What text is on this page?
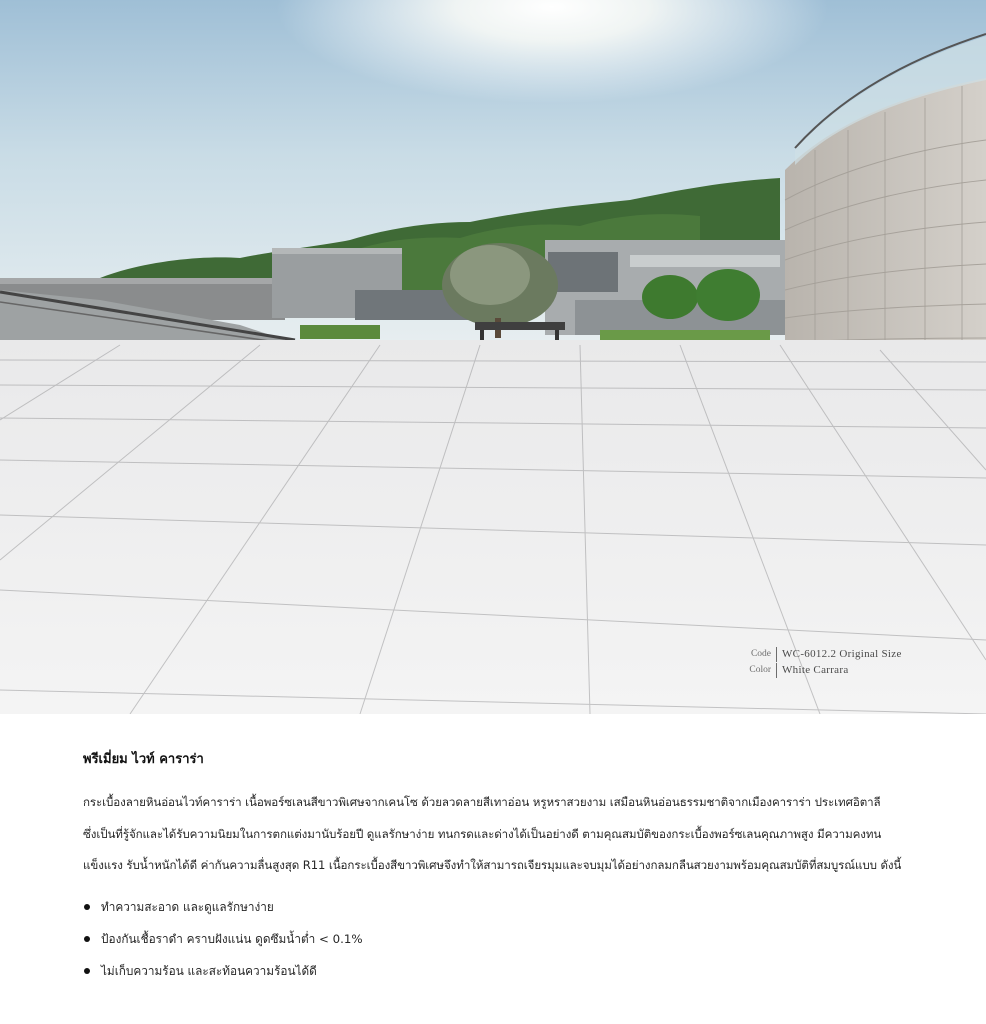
Code	WC-6012.2 Original Size
Color	White Carrara
พรีเมี่ยม ไวท์ คาราร่า

กระเบื้องลายหินอ่อนไวท์คาราร่า เนื้อพอร์ซเลนสีขาวพิเศษจากเคนโซ ด้วยลวดลายสีเทาอ่อน หรูหราสวยงาม เสมือนหินอ่อนธรรมชาติจากเมืองคาราร่า ประเทศอิตาลี
ซึ่งเป็นที่รู้จักและได้รับความนิยมในการตกแต่งมานับร้อยปี ดูแลรักษาง่าย ทนกรดและด่างได้เป็นอย่างดี ตามคุณสมบัติของกระเบื้องพอร์ซเลนคุณภาพสูง มีความคงทน
แข็งแรง รับน้ำหนักได้ดี ค่ากันความลื่นสูงสุด R11 เนื้อกระเบื้องสีขาวพิเศษจึงทำให้สามารถเจียรมุมและจบมุมได้อย่างกลมกลืนสวยงามพร้อมคุณสมบัติที่สมบูรณ์แบบ ดังนี้

ทำความสะอาด และดูแลรักษาง่าย
ป้องกันเชื้อราดำ คราบฝังแน่น ดูดซึมน้ำต่ำ < 0.1%
ไม่เก็บความร้อน และสะท้อนความร้อนได้ดี
